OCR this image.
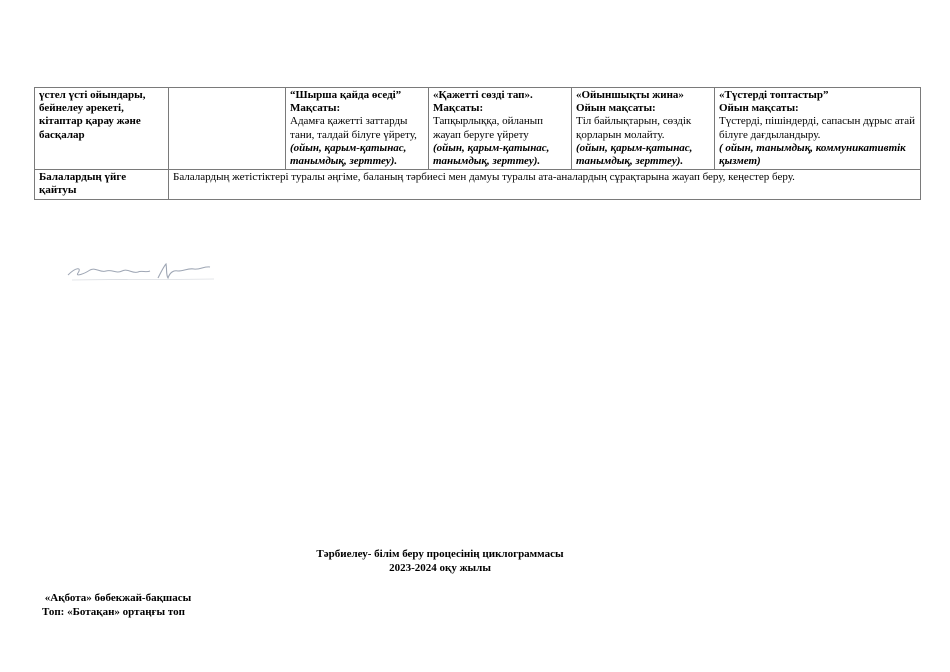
үстел үсті ойындары, бейнелеу әрекеті, кітаптар қарау және басқалар		“Шырша қайда өседі”
Мақсаты:
Адамға қажетті заттарды тани, талдай білуге үйрету,
(ойын, қарым-қатынас, танымдық, зерттеу).	«Қажетті сөзді тап».
Мақсаты:
Тапқырлыққа, ойланып жауап беруге үйрету
(ойын, қарым-қатынас, танымдық, зерттеу).	«Ойыншықты жина»
Ойын мақсаты:
Тіл байлықтарын, сөздік қорларын молайту.
(ойын, қарым-қатынас, танымдық, зерттеу).	«Түстерді топтастыр”
Ойын мақсаты:
Түстерді, пішіндерді, сапасын дұрыс атай білуге дағдыландыру.
( ойын, танымдық, коммуникативтік қызмет)

Балалардың үйге қайтуы	Балалардың жетістіктері туралы әңгіме, баланың тәрбиесі мен дамуы туралы ата-аналардың сұрақтарына жауап беру, кеңестер беру.				
Тәрбиелеу- білім беру процесінің циклограммасы
2023-2024 оқу жылы
«Ақбота» бөбекжай-бақшасы
Топ: «Ботақан» ортаңғы топ
